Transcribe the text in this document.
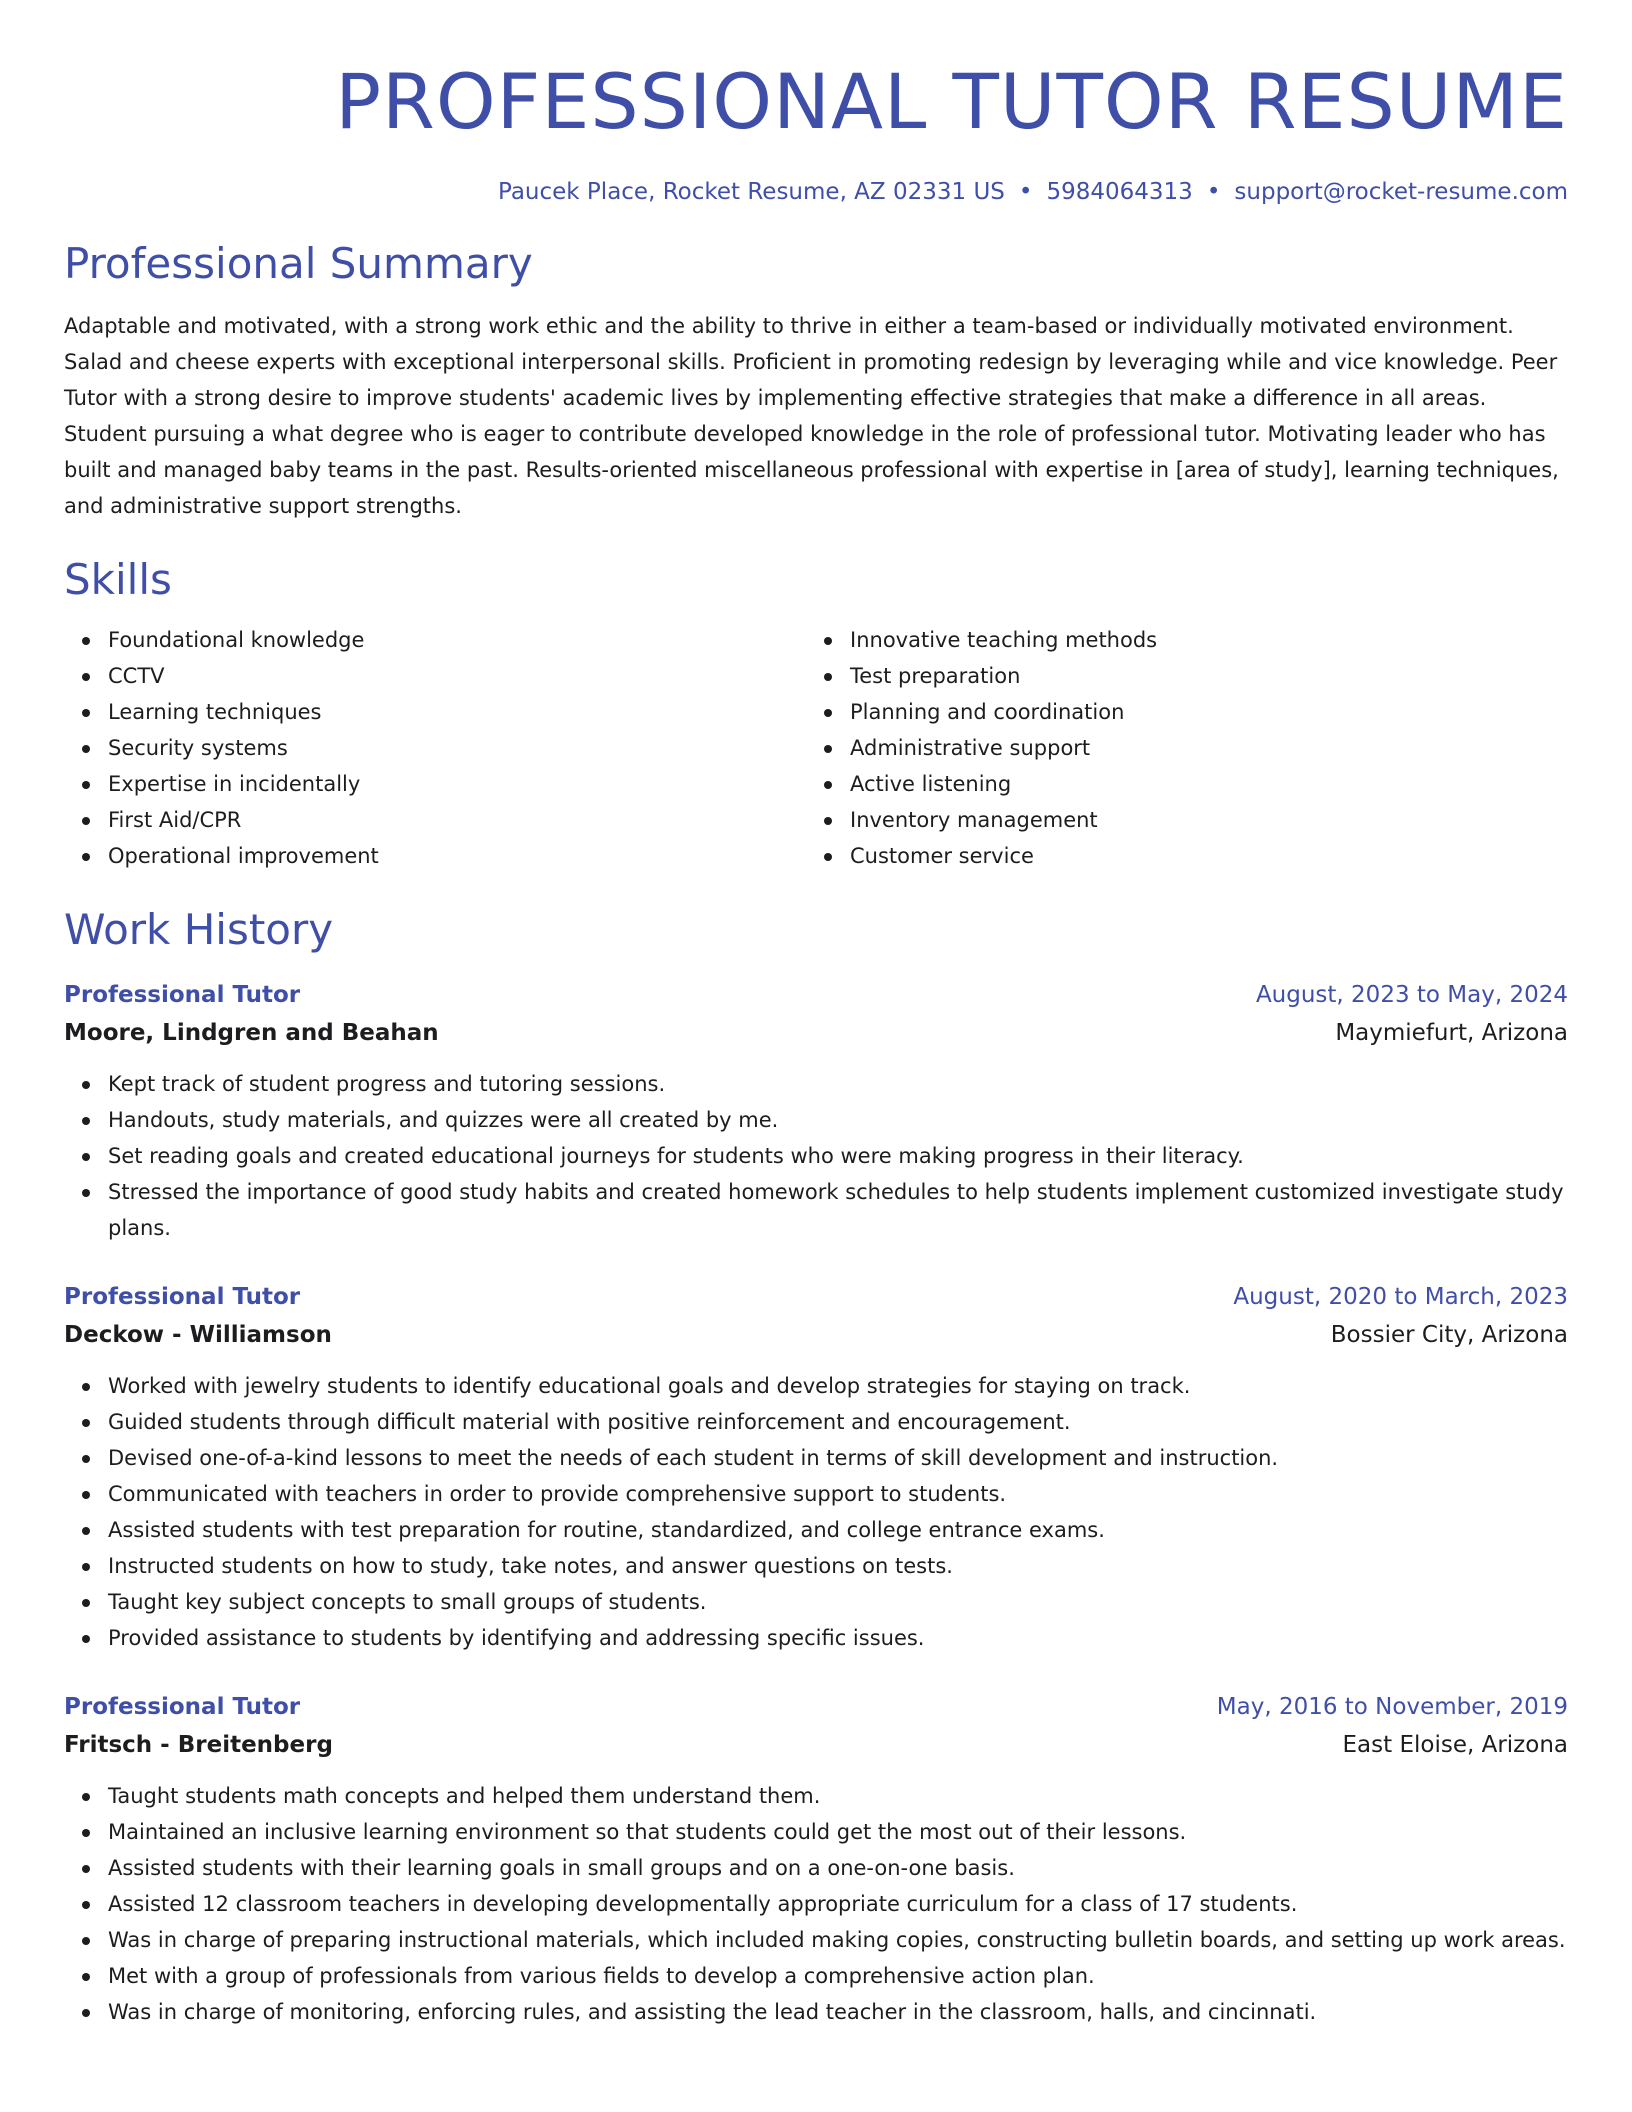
PROFESSIONAL TUTOR RESUME
Paucek Place, Rocket Resume, AZ 02331 US • 5984064313 • support@rocket-resume.com
Professional Summary
Adaptable and motivated, with a strong work ethic and the ability to thrive in either a team-based or individually motivated environment. Salad and cheese experts with exceptional interpersonal skills. Proficient in promoting redesign by leveraging while and vice knowledge. Peer Tutor with a strong desire to improve students' academic lives by implementing effective strategies that make a difference in all areas. Student pursuing a what degree who is eager to contribute developed knowledge in the role of professional tutor. Motivating leader who has built and managed baby teams in the past. Results-oriented miscellaneous professional with expertise in [area of study], learning techniques, and administrative support strengths.
Skills
Foundational knowledge
CCTV
Learning techniques
Security systems
Expertise in incidentally
First Aid/CPR
Operational improvement
Innovative teaching methods
Test preparation
Planning and coordination
Administrative support
Active listening
Inventory management
Customer service
Work History
Professional Tutor	August, 2023 to May, 2024
Moore, Lindgren and Beahan	Maymiefurt, Arizona
Kept track of student progress and tutoring sessions.
Handouts, study materials, and quizzes were all created by me.
Set reading goals and created educational journeys for students who were making progress in their literacy.
Stressed the importance of good study habits and created homework schedules to help students implement customized investigate study plans.
Professional Tutor	August, 2020 to March, 2023
Deckow - Williamson	Bossier City, Arizona
Worked with jewelry students to identify educational goals and develop strategies for staying on track.
Guided students through difficult material with positive reinforcement and encouragement.
Devised one-of-a-kind lessons to meet the needs of each student in terms of skill development and instruction.
Communicated with teachers in order to provide comprehensive support to students.
Assisted students with test preparation for routine, standardized, and college entrance exams.
Instructed students on how to study, take notes, and answer questions on tests.
Taught key subject concepts to small groups of students.
Provided assistance to students by identifying and addressing specific issues.
Professional Tutor	May, 2016 to November, 2019
Fritsch - Breitenberg	East Eloise, Arizona
Taught students math concepts and helped them understand them.
Maintained an inclusive learning environment so that students could get the most out of their lessons.
Assisted students with their learning goals in small groups and on a one-on-one basis.
Assisted 12 classroom teachers in developing developmentally appropriate curriculum for a class of 17 students.
Was in charge of preparing instructional materials, which included making copies, constructing bulletin boards, and setting up work areas.
Met with a group of professionals from various fields to develop a comprehensive action plan.
Was in charge of monitoring, enforcing rules, and assisting the lead teacher in the classroom, halls, and cincinnati.
